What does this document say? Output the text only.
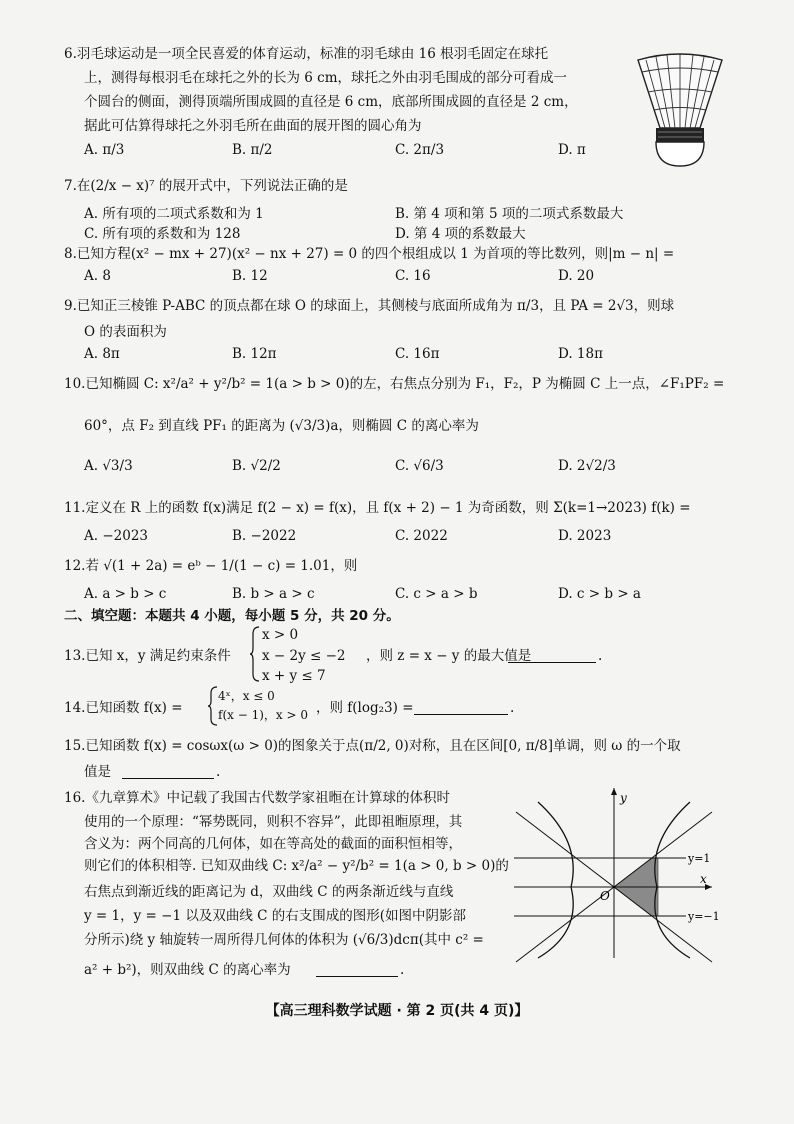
6.羽毛球运动是一项全民喜爱的体育运动，标准的羽毛球由 16 根羽毛固定在球托
上，测得每根羽毛在球托之外的长为 6 cm，球托之外由羽毛围成的部分可看成一
个圆台的侧面，测得顶端所围成圆的直径是 6 cm，底部所围成圆的直径是 2 cm，
据此可估算得球托之外羽毛所在曲面的展开图的圆心角为
A. π/3	B. π/2	C. 2π/3	D. π
7.在(2/x − x)⁷ 的展开式中，下列说法正确的是
A. 所有项的二项式系数和为 1	B. 第 4 项和第 5 项的二项式系数最大
C. 所有项的系数和为 128	D. 第 4 项的系数最大
8.已知方程(x² − mx + 27)(x² − nx + 27) = 0 的四个根组成以 1 为首项的等比数列，则|m − n| =
A. 8	B. 12	C. 16	D. 20
9.已知正三棱锥 P-ABC 的顶点都在球 O 的球面上，其侧棱与底面所成角为 π/3，且 PA = 2√3，则球
O 的表面积为
A. 8π	B. 12π	C. 16π	D. 18π
10.已知椭圆 C: x²/a² + y²/b² = 1(a > b > 0)的左，右焦点分别为 F₁，F₂，P 为椭圆 C 上一点，∠F₁PF₂ =
60°，点 F₂ 到直线 PF₁ 的距离为 (√3/3)a，则椭圆 C 的离心率为
A. √3/3	B. √2/2	C. √6/3	D. 2√2/3
11.定义在 R 上的函数 f(x)满足 f(2 − x) = f(x)，且 f(x + 2) − 1 为奇函数，则 Σ(k=1→2023) f(k) =
A. −2023	B. −2022	C. 2022	D. 2023
12.若 √(1 + 2a) = eᵇ − 1/(1 − c) = 1.01，则
A. a > b > c	B. b > a > c	C. c > a > b	D. c > b > a
二、填空题：本题共 4 小题，每小题 5 分，共 20 分。
13.已知 x，y 满足约束条件
x > 0
x − 2y ≤ −2
x + y ≤ 7
，则 z = x − y 的最大值是	.
14.已知函数 f(x) =
4ˣ，x ≤ 0
f(x − 1)，x > 0 ，则 f(log₂3) =	.
15.已知函数 f(x) = cosωx(ω > 0)的图象关于点(π/2, 0)对称，且在区间[0, π/8]单调，则 ω 的一个取
值是	.
16.《九章算术》中记载了我国古代数学家祖暅在计算球的体积时
使用的一个原理：“幂势既同，则积不容异”，此即祖暅原理，其
含义为：两个同高的几何体，如在等高处的截面的面积恒相等，
则它们的体积相等. 已知双曲线 C: x²/a² − y²/b² = 1(a > 0, b > 0)的
右焦点到渐近线的距离记为 d，双曲线 C 的两条渐近线与直线
y = 1，y = −1 以及双曲线 C 的右支围成的图形(如图中阴影部
分所示)绕 y 轴旋转一周所得几何体的体积为 (√6/3)dcπ(其中 c² =
a² + b²)，则双曲线 C 的离心率为	.
y
x
O
y=1
y=−1
【高三理科数学试题 · 第 2 页(共 4 页)】
